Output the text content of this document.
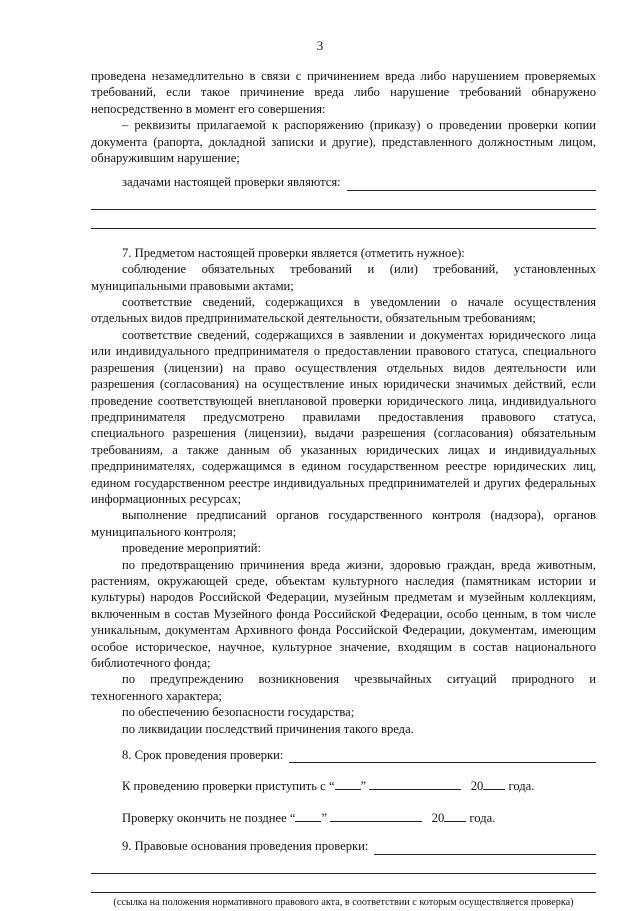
3

проведена незамедлительно в связи с причинением вреда либо нарушением проверяемых требований, если такое причинение вреда либо нарушение требований обнаружено непосредственно в момент его совершения:

– реквизиты прилагаемой к распоряжению (приказу) о проведении проверки копии документа (рапорта, докладной записки и другие), представленного должностным лицом, обнаружившим нарушение;

задачами настоящей проверки являются:

7. Предметом настоящей проверки является (отметить нужное):

соблюдение обязательных требований и (или) требований, установленных муниципальными правовыми актами;

соответствие сведений, содержащихся в уведомлении о начале осуществления отдельных видов предпринимательской деятельности, обязательным требованиям;

соответствие сведений, содержащихся в заявлении и документах юридического лица или индивидуального предпринимателя о предоставлении правового статуса, специального разрешения (лицензии) на право осуществления отдельных видов деятельности или разрешения (согласования) на осуществление иных юридически значимых действий, если проведение соответствующей внеплановой проверки юридического лица, индивидуального предпринимателя предусмотрено правилами предоставления правового статуса, специального разрешения (лицензии), выдачи разрешения (согласования) обязательным требованиям, а также данным об указанных юридических лицах и индивидуальных предпринимателях, содержащимся в едином государственном реестре юридических лиц, едином государственном реестре индивидуальных предпринимателей и других федеральных информационных ресурсах;

выполнение предписаний органов государственного контроля (надзора), органов муниципального контроля;

проведение мероприятий:

по предотвращению причинения вреда жизни, здоровью граждан, вреда животным, растениям, окружающей среде, объектам культурного наследия (памятникам истории и культуры) народов Российской Федерации, музейным предметам и музейным коллекциям, включенным в состав Музейного фонда Российской Федерации, особо ценным, в том числе уникальным, документам Архивного фонда Российской Федерации, документам, имеющим особое историческое, научное, культурное значение, входящим в состав национального библиотечного фонда;

по предупреждению возникновения чрезвычайных ситуаций природного и техногенного характера;

по обеспечению безопасности государства;

по ликвидации последствий причинения такого вреда.

8. Срок проведения проверки:
К проведению проверки приступить с “ ”	20 года.
Проверку окончить не позднее “ ”	20 года.
9. Правовые основания проведения проверки:
(ссылка на положения нормативного правового акта, в соответствии с которым осуществляется проверка)
